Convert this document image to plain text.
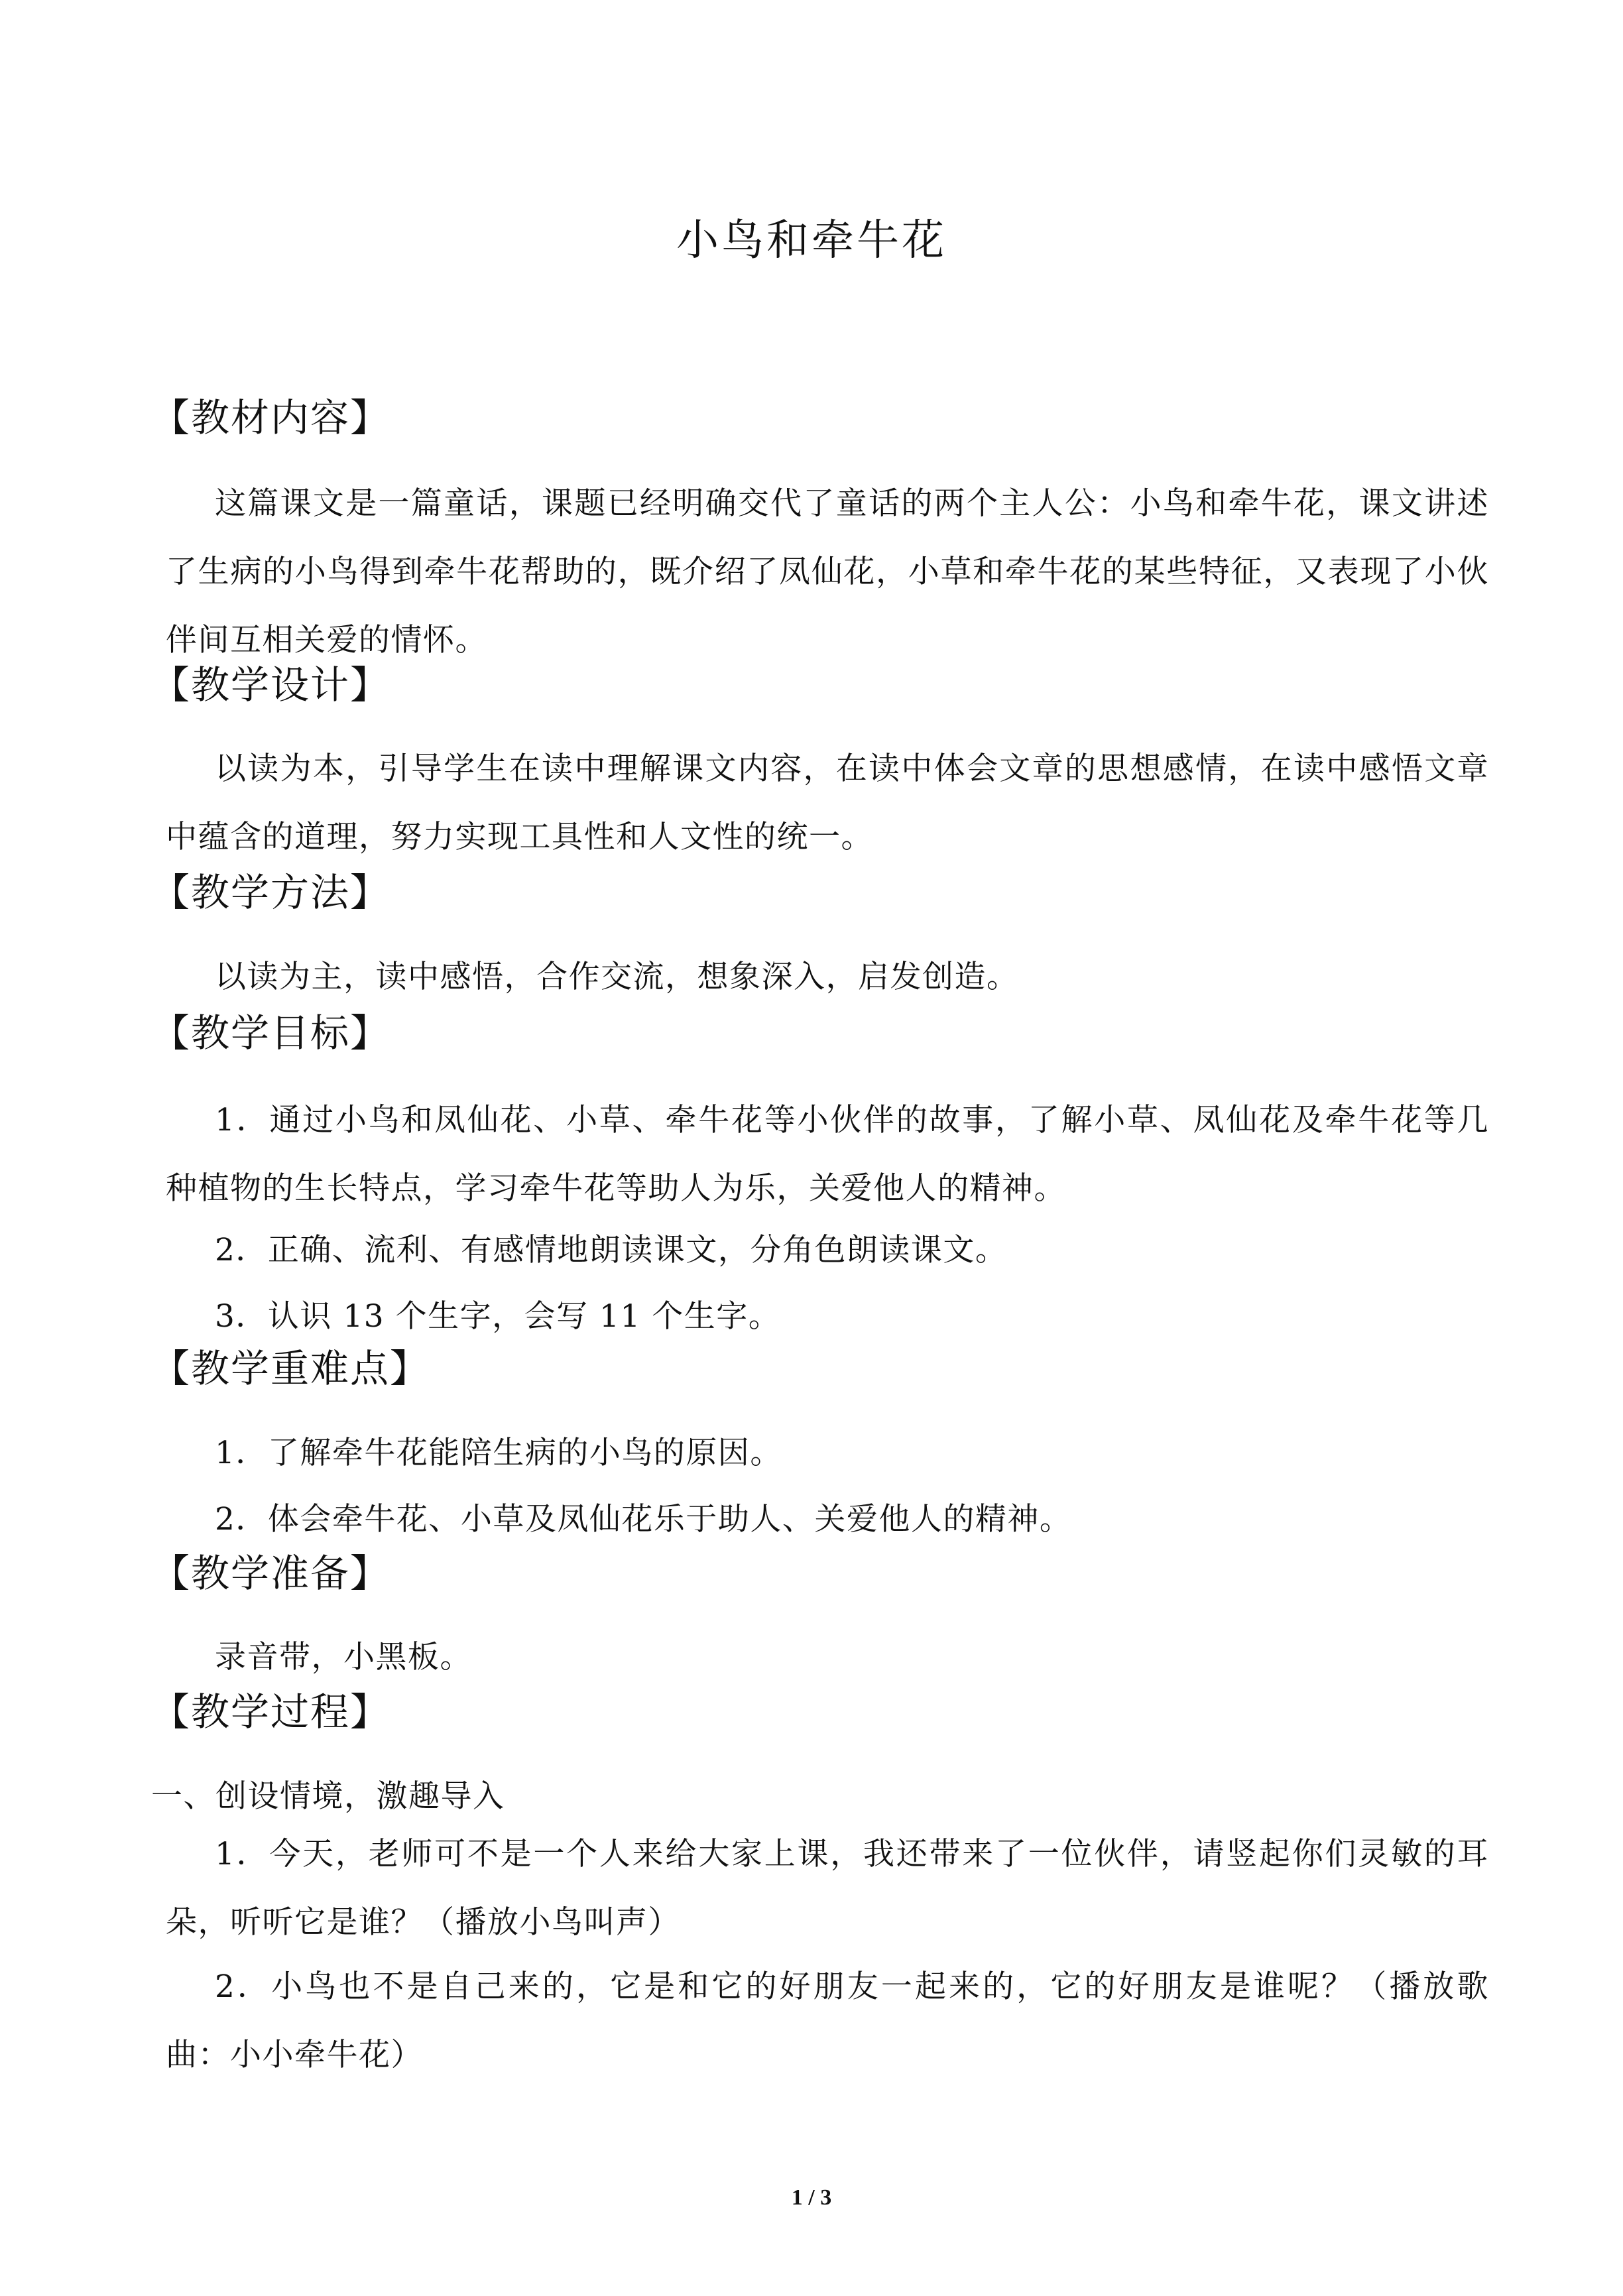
小鸟和牵牛花
【教材内容】

这篇课文是一篇童话，课题已经明确交代了童话的两个主人公：小鸟和牵牛花，课文讲述了生病的小鸟得到牵牛花帮助的，既介绍了凤仙花，小草和牵牛花的某些特征，又表现了小伙伴间互相关爱的情怀。

【教学设计】

以读为本，引导学生在读中理解课文内容，在读中体会文章的思想感情，在读中感悟文章中蕴含的道理，努力实现工具性和人文性的统一。

【教学方法】

以读为主，读中感悟，合作交流，想象深入，启发创造。

【教学目标】

1．通过小鸟和凤仙花、小草、牵牛花等小伙伴的故事，了解小草、凤仙花及牵牛花等几种植物的生长特点，学习牵牛花等助人为乐，关爱他人的精神。

2．正确、流利、有感情地朗读课文，分角色朗读课文。

3．认识 13 个生字，会写 11 个生字。

【教学重难点】

1．了解牵牛花能陪生病的小鸟的原因。

2．体会牵牛花、小草及凤仙花乐于助人、关爱他人的精神。

【教学准备】

录音带，小黑板。

【教学过程】

一、创设情境，激趣导入

1．今天，老师可不是一个人来给大家上课，我还带来了一位伙伴，请竖起你们灵敏的耳朵，听听它是谁？（播放小鸟叫声）

2．小鸟也不是自己来的，它是和它的好朋友一起来的，它的好朋友是谁呢？（播放歌曲：小小牵牛花）

1 / 3
